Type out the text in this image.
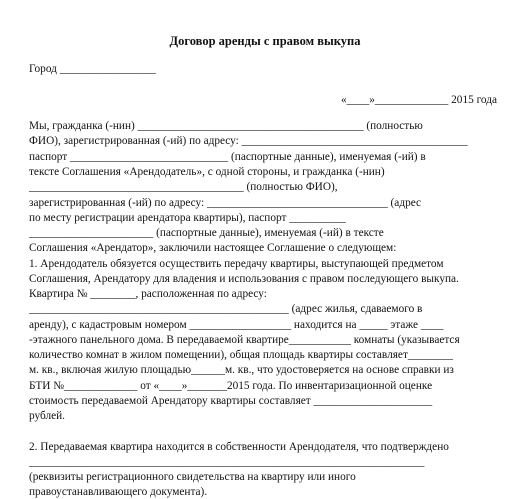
Договор аренды с правом выкупа
Город _________________
«____»_____________ 2015 года
Мы, гражданка (-нин) ________________________________________ (полностью
ФИО), зарегистрированная (-ий) по адресу: ________________________________________
паспорт ____________________________ (паспортные данные), именуемая (-ий) в
тексте Соглашения «Арендодатель», с одной стороны, и гражданка (-нин)
______________________________________ (полностью ФИО),
зарегистрированная (-ий) по адресу: ________________________________ (адрес
по месту регистрации арендатора квартиры), паспорт __________
______________________ (паспортные данные), именуемая (-ий) в тексте
Соглашения «Арендатор», заключили настоящее Соглашение о следующем:
1. Арендодатель обязуется осуществить передачу квартиры, выступающей предметом
Соглашения, Арендатору для владения и использования с правом последующего выкупа.
Квартира № ________, расположенная по адресу:
______________________________________________ (адрес жилья, сдаваемого в
аренду), с кадастровым номером __________________ находится на _____ этаже ____
-этажного панельного дома. В передаваемой квартире___________ комнаты (указывается
количество комнат в жилом помещении), общая площадь квартиры составляет________
м. кв., включая жилую площадью______м. кв., что удостоверяется на основе справки из
БТИ №_____________ от «____»_______2015 года. По инвентаризационной оценке
стоимость передаваемой Арендатору квартиры составляет _____________________
рублей.
2. Передаваемая квартира находится в собственности Арендодателя, что подтверждено
______________________________________________________________________
(реквизиты регистрационного свидетельства на квартиру или иного
правоустанавливающего документа).
